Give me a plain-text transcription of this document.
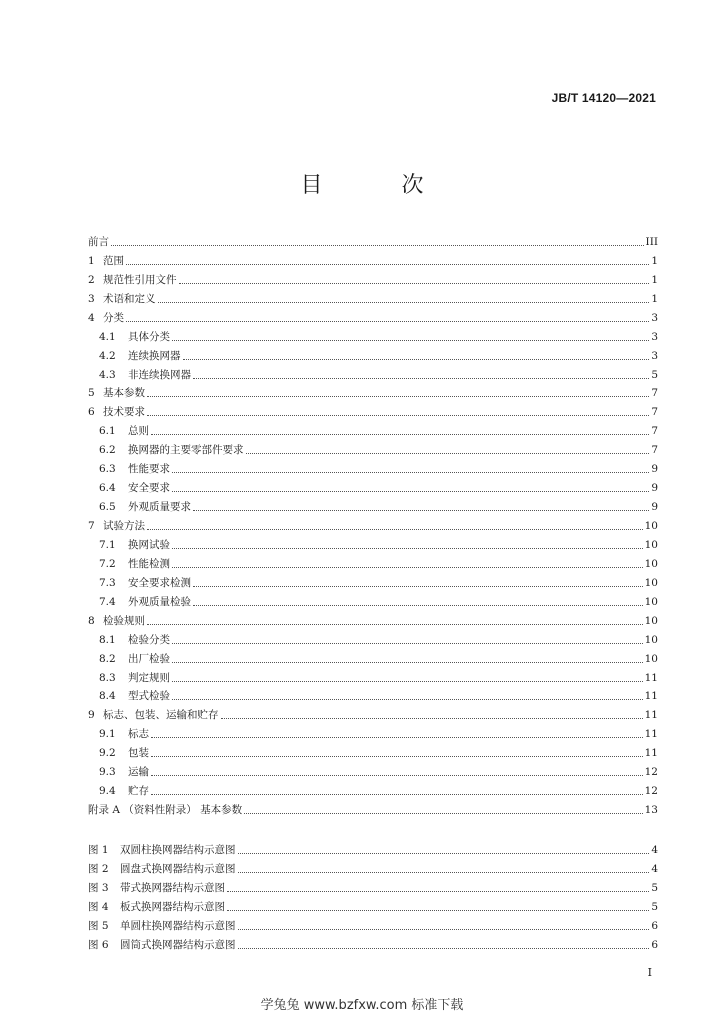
JB/T 14120—2021
目 次
前言	III
1 范围	1
2 规范性引用文件	1
3 术语和定义	1
4 分类	3
4.1	具体分类	3
4.2	连续换网器	3
4.3	非连续换网器	5
5 基本参数	7
6 技术要求	7
6.1	总则	7
6.2	换网器的主要零部件要求	7
6.3	性能要求	9
6.4	安全要求	9
6.5	外观质量要求	9
7 试验方法	10
7.1	换网试验	10
7.2	性能检测	10
7.3	安全要求检测	10
7.4	外观质量检验	10
8 检验规则	10
8.1	检验分类	10
8.2	出厂检验	10
8.3	判定规则	11
8.4	型式检验	11
9 标志、包装、运输和贮存	11
9.1	标志	11
9.2	包装	11
9.3	运输	12
9.4	贮存	12
附录 A （资料性附录） 基本参数	13
图 1	双圆柱换网器结构示意图	4
图 2	圆盘式换网器结构示意图	4
图 3	带式换网器结构示意图	5
图 4	板式换网器结构示意图	5
图 5	单圆柱换网器结构示意图	6
图 6	圆筒式换网器结构示意图	6
I
学兔兔 www.bzfxw.com 标准下载
